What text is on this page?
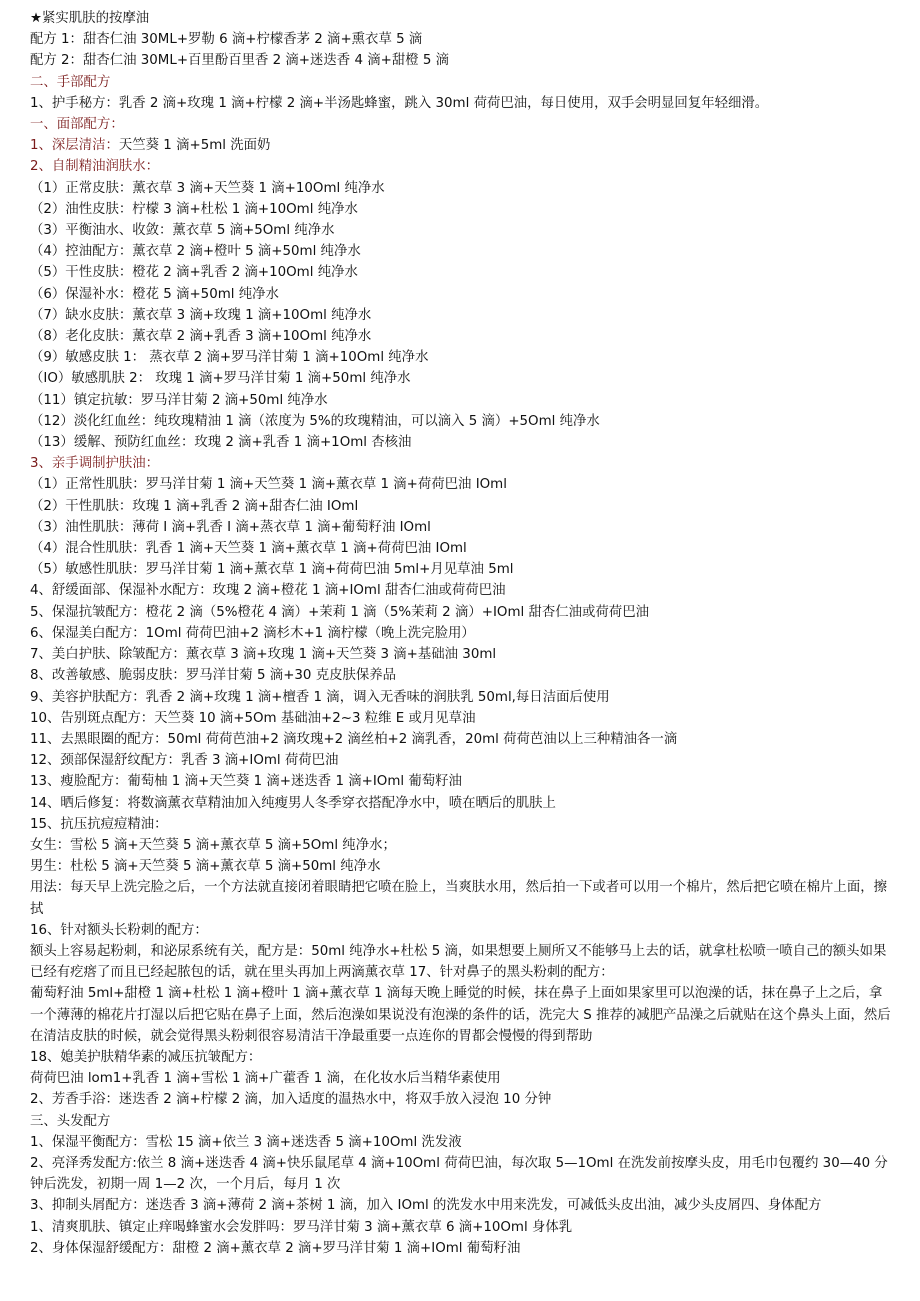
★紧实肌肤的按摩油
配方 1：甜杏仁油 30ML+罗勒 6 滴+柠檬香茅 2 滴+熏衣草 5 滴
配方 2：甜杏仁油 30ML+百里酚百里香 2 滴+迷迭香 4 滴+甜橙 5 滴
二、手部配方
1、护手秘方：乳香 2 滴+玫瑰 1 滴+柠檬 2 滴+半汤匙蜂蜜，跳入 30ml 荷荷巴油，每日使用，双手会明显回复年轻细滑。
一、面部配方：
1、深层清洁：天竺葵 1 滴+5ml 洗面奶
2、自制精油润肤水：
（1）正常皮肤：薰衣草 3 滴+天竺葵 1 滴+10Oml 纯净水
（2）油性皮肤：柠檬 3 滴+杜松 1 滴+10Oml 纯净水
（3）平衡油水、收敛：薰衣草 5 滴+5Oml 纯净水
（4）控油配方：薰衣草 2 滴+橙叶 5 滴+50ml 纯净水
（5）干性皮肤：橙花 2 滴+乳香 2 滴+10Oml 纯净水
（6）保湿补水：橙花 5 滴+50ml 纯净水
（7）缺水皮肤：薰衣草 3 滴+玫瑰 1 滴+10Oml 纯净水
（8）老化皮肤：薰衣草 2 滴+乳香 3 滴+10Oml 纯净水
（9）敏感皮肤 1： 蒸衣草 2 滴+罗马洋甘菊 1 滴+10Oml 纯净水
（IO）敏感肌肤 2： 玫瑰 1 滴+罗马洋甘菊 1 滴+50ml 纯净水
（11）镇定抗敏：罗马洋甘菊 2 滴+50ml 纯净水
（12）淡化红血丝：纯玫瑰精油 1 滴（浓度为 5%的玫瑰精油，可以滴入 5 滴）+5Oml 纯净水
（13）缓解、预防红血丝：玫瑰 2 滴+乳香 1 滴+1Oml 杏核油
3、亲手调制护肤油：
（1）正常性肌肤：罗马洋甘菊 1 滴+天竺葵 1 滴+薰衣草 1 滴+荷荷巴油 IOml
（2）干性肌肤：玫瑰 1 滴+乳香 2 滴+甜杏仁油 IOml
（3）油性肌肤：薄荷 I 滴+乳香 I 滴+蒸衣草 1 滴+葡萄籽油 IOml
（4）混合性肌肤：乳香 1 滴+天竺葵 1 滴+薰衣草 1 滴+荷荷巴油 IOml
（5）敏感性肌肤：罗马洋甘菊 1 滴+薰衣草 1 滴+荷荷巴油 5ml+月见草油 5ml
4、舒缓面部、保湿补水配方：玫瑰 2 滴+橙花 1 滴+IOml 甜杏仁油或荷荷巴油
5、保湿抗皱配方：橙花 2 滴（5%橙花 4 滴）+茉莉 1 滴（5%茉莉 2 滴）+IOml 甜杏仁油或荷荷巴油
6、保湿美白配方：1Oml 荷荷巴油+2 滴杉木+1 滴柠檬（晚上洗完脸用）
7、美白护肤、除皱配方：薰衣草 3 滴+玫瑰 1 滴+天竺葵 3 滴+基础油 30ml
8、改善敏感、脆弱皮肤：罗马洋甘菊 5 滴+30 克皮肤保养品
9、美容护肤配方：乳香 2 滴+玫瑰 1 滴+檀香 1 滴，调入无香味的润肤乳 50ml,每日洁面后使用
10、告别斑点配方：天竺葵 10 滴+5Om 基础油+2~3 粒维 E 或月见草油
11、去黑眼圈的配方：50ml 荷荷芭油+2 滴玫瑰+2 滴丝柏+2 滴乳香，20ml 荷荷芭油以上三种精油各一滴
12、颈部保湿舒纹配方：乳香 3 滴+IOml 荷荷巴油
13、瘦脸配方：葡萄柚 1 滴+天竺葵 1 滴+迷迭香 1 滴+IOml 葡萄籽油
14、晒后修复：将数滴薰衣草精油加入纯瘦男人冬季穿衣搭配净水中，喷在晒后的肌肤上
15、抗压抗痘痘精油：
女生：雪松 5 滴+天竺葵 5 滴+薰衣草 5 滴+5Oml 纯净水；
男生：杜松 5 滴+天竺葵 5 滴+薰衣草 5 滴+50ml 纯净水
用法：每天早上洗完脸之后，一个方法就直接闭着眼睛把它喷在脸上，当爽肤水用，然后拍一下或者可以用一个棉片，然后把它喷在棉片上面，擦拭
16、针对额头长粉刺的配方：
额头上容易起粉刺，和泌尿系统有关，配方是：50ml 纯净水+杜松 5 滴，如果想要上厕所又不能够马上去的话，就拿杜松喷一喷自己的额头如果已经有疙瘩了而且已经起脓包的话，就在里头再加上两滴薰衣草 17、针对鼻子的黑头粉刺的配方：
葡萄籽油 5ml+甜橙 1 滴+杜松 1 滴+橙叶 1 滴+薰衣草 1 滴每天晚上睡觉的时候，抹在鼻子上面如果家里可以泡澡的话，抹在鼻子上之后，拿一个薄薄的棉花片打湿以后把它贴在鼻子上面，然后泡澡如果说没有泡澡的条件的话，洗完大 S 推荐的减肥产品澡之后就贴在这个鼻头上面，然后在清洁皮肤的时候，就会觉得黑头粉刺很容易清洁干净最重要一点连你的胃都会慢慢的得到帮助
18、媳美护肤精华素的减压抗皱配方：
荷荷巴油 lom1+乳香 1 滴+雪松 1 滴+广藿香 1 滴，在化妆水后当精华素使用
2、芳香手浴：迷迭香 2 滴+柠檬 2 滴，加入适度的温热水中，将双手放入浸泡 10 分钟
三、头发配方
1、保湿平衡配方：雪松 15 滴+依兰 3 滴+迷迭香 5 滴+10Oml 洗发液
2、亮泽秀发配方:依兰 8 滴+迷迭香 4 滴+快乐鼠尾草 4 滴+10Oml 荷荷巴油，每次取 5—1Oml 在洗发前按摩头皮，用毛巾包覆约 30—40 分钟后洗发，初期一周 1—2 次，一个月后，每月 1 次
3、抑制头屑配方：迷迭香 3 滴+薄荷 2 滴+茶树 1 滴，加入 IOml 的洗发水中用来洗发，可减低头皮出油，减少头皮屑四、身体配方
1、清爽肌肤、镇定止痒喝蜂蜜水会发胖吗：罗马洋甘菊 3 滴+薰衣草 6 滴+10Oml 身体乳
2、身体保湿舒缓配方：甜橙 2 滴+薰衣草 2 滴+罗马洋甘菊 1 滴+IOml 葡萄籽油
